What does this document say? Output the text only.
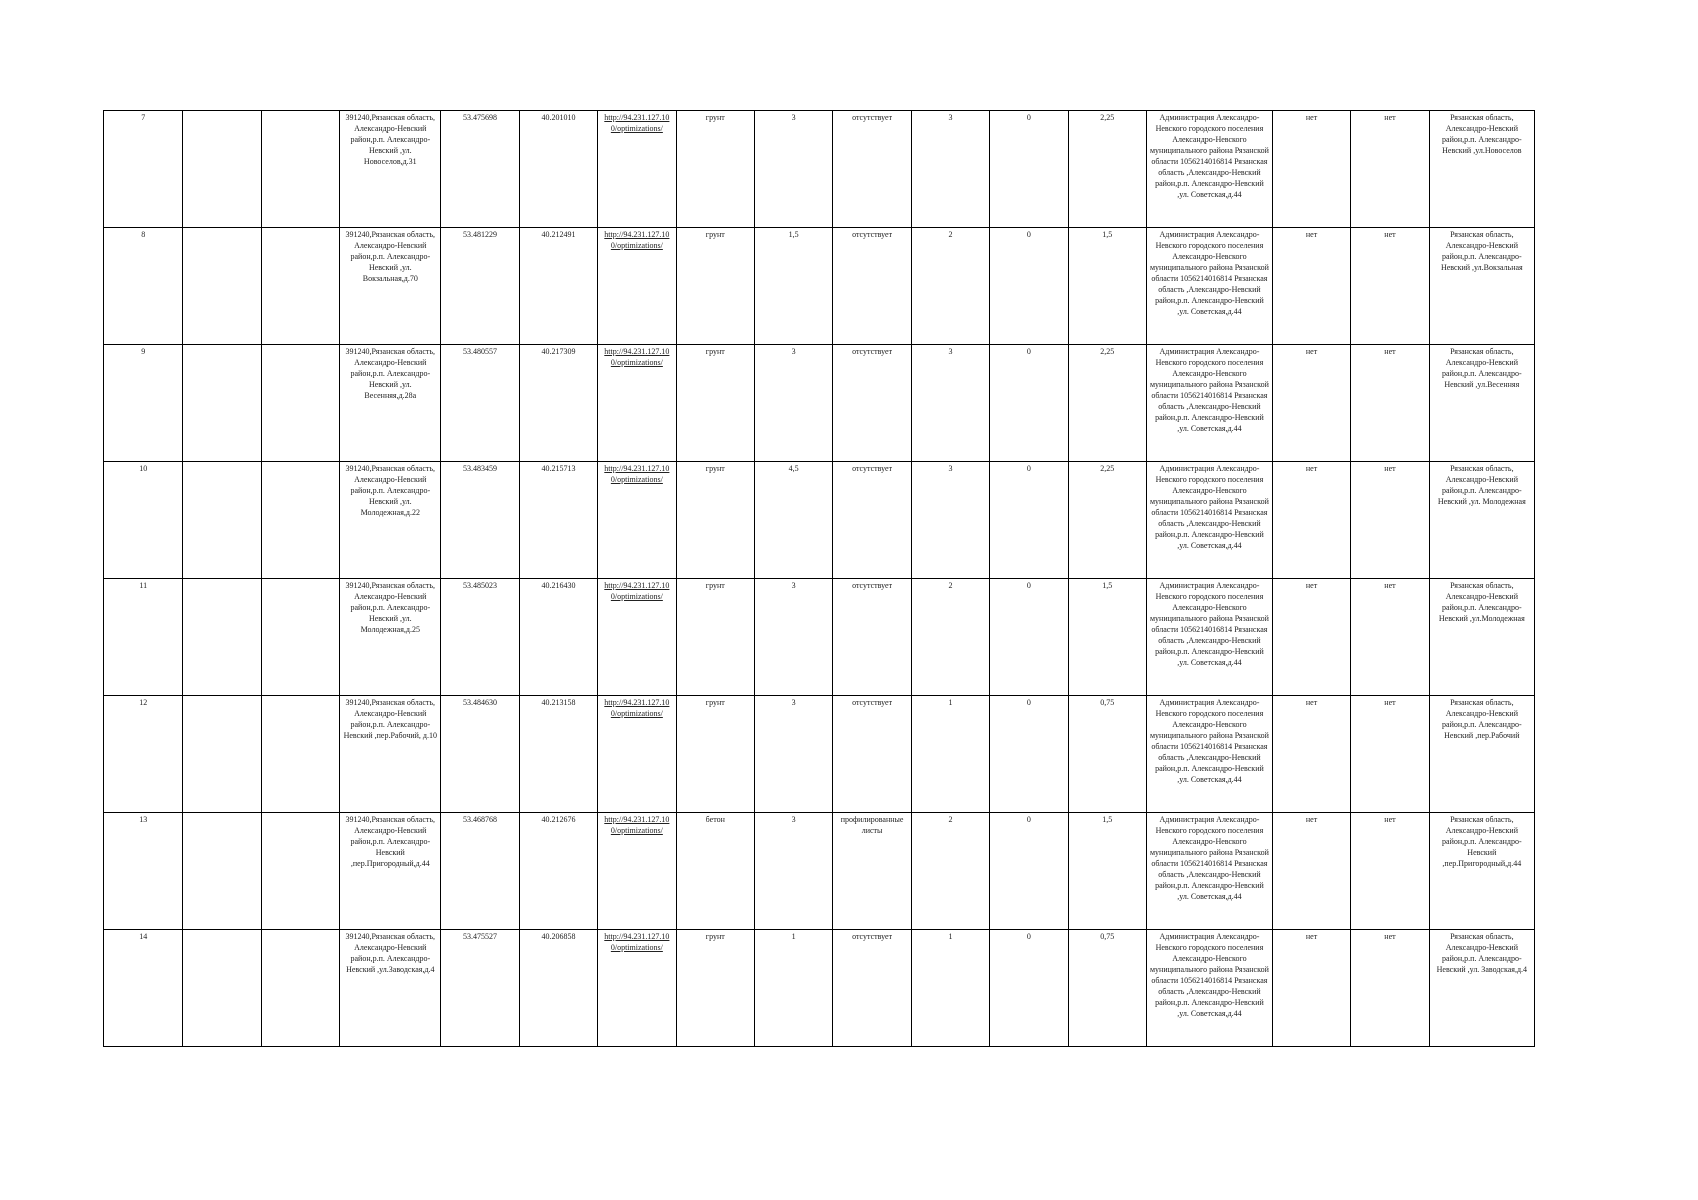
7			391240,Рязанская область, Александро-Невский район,р.п. Александро-Невский ,ул. Новоселов,д.31	53.475698	40.201010	http://94.231.127.10 0/optimizations/	грунт	3	отсутствует	3	0	2,25	Администрация Александро-Невского городского поселения Александро-Невского муниципального района Рязанской области 1056214016814 Рязанская область ,Александро-Невский район,р.п. Александро-Невский ,ул. Советская,д.44	нет	нет	Рязанская область, Александро-Невский район,р.п. Александро-Невский ,ул.Новоселов
8			391240,Рязанская область, Александро-Невский район,р.п. Александро-Невский ,ул. Вокзальная,д.70	53.481229	40.212491	http://94.231.127.10 0/optimizations/	грунт	1,5	отсутствует	2	0	1,5	Администрация Александро-Невского городского поселения Александро-Невского муниципального района Рязанской области 1056214016814 Рязанская область ,Александро-Невский район,р.п. Александро-Невский ,ул. Советская,д.44	нет	нет	Рязанская область, Александро-Невский район,р.п. Александро-Невский ,ул.Вокзальная
9			391240,Рязанская область, Александро-Невский район,р.п. Александро-Невский ,ул. Весенняя,д.28а	53.480557	40.217309	http://94.231.127.10 0/optimizations/	грунт	3	отсутствует	3	0	2,25	Администрация Александро-Невского городского поселения Александро-Невского муниципального района Рязанской области 1056214016814 Рязанская область ,Александро-Невский район,р.п. Александро-Невский ,ул. Советская,д.44	нет	нет	Рязанская область, Александро-Невский район,р.п. Александро-Невский ,ул.Весенняя
10			391240,Рязанская область, Александро-Невский район,р.п. Александро-Невский ,ул. Молодежная,д.22	53.483459	40.215713	http://94.231.127.10 0/optimizations/	грунт	4,5	отсутствует	3	0	2,25	Администрация Александро-Невского городского поселения Александро-Невского муниципального района Рязанской области 1056214016814 Рязанская область ,Александро-Невский район,р.п. Александро-Невский ,ул. Советская,д.44	нет	нет	Рязанская область, Александро-Невский район,р.п. Александро-Невский ,ул. Молодежная
11			391240,Рязанская область, Александро-Невский район,р.п. Александро-Невский ,ул. Молодежная,д.25	53.485023	40.216430	http://94.231.127.10 0/optimizations/	грунт	3	отсутствует	2	0	1,5	Администрация Александро-Невского городского поселения Александро-Невского муниципального района Рязанской области 1056214016814 Рязанская область ,Александро-Невский район,р.п. Александро-Невский ,ул. Советская,д.44	нет	нет	Рязанская область, Александро-Невский район,р.п. Александро-Невский ,ул.Молодежная
12			391240,Рязанская область, Александро-Невский район,р.п. Александро-Невский ,пер.Рабочий, д.10	53.484630	40.213158	http://94.231.127.10 0/optimizations/	грунт	3	отсутствует	1	0	0,75	Администрация Александро-Невского городского поселения Александро-Невского муниципального района Рязанской области 1056214016814 Рязанская область ,Александро-Невский район,р.п. Александро-Невский ,ул. Советская,д.44	нет	нет	Рязанская область, Александро-Невский район,р.п. Александро-Невский ,пер.Рабочий
13			391240,Рязанская область, Александро-Невский район,р.п. Александро-Невский ,пер.Пригородный,д.44	53.468768	40.212676	http://94.231.127.10 0/optimizations/	бетон	3	профилированные листы	2	0	1,5	Администрация Александро-Невского городского поселения Александро-Невского муниципального района Рязанской области 1056214016814 Рязанская область ,Александро-Невский район,р.п. Александро-Невский ,ул. Советская,д.44	нет	нет	Рязанская область, Александро-Невский район,р.п. Александро-Невский ,пер.Пригородный,д.44
14			391240,Рязанская область, Александро-Невский район,р.п. Александро-Невский ,ул.Заводская,д.4	53.475527	40.206858	http://94.231.127.10 0/optimizations/	грунт	1	отсутствует	1	0	0,75	Администрация Александро-Невского городского поселения Александро-Невского муниципального района Рязанской области 1056214016814 Рязанская область ,Александро-Невский район,р.п. Александро-Невский ,ул. Советская,д.44	нет	нет	Рязанская область, Александро-Невский район,р.п. Александро-Невский ,ул. Заводская,д.4
